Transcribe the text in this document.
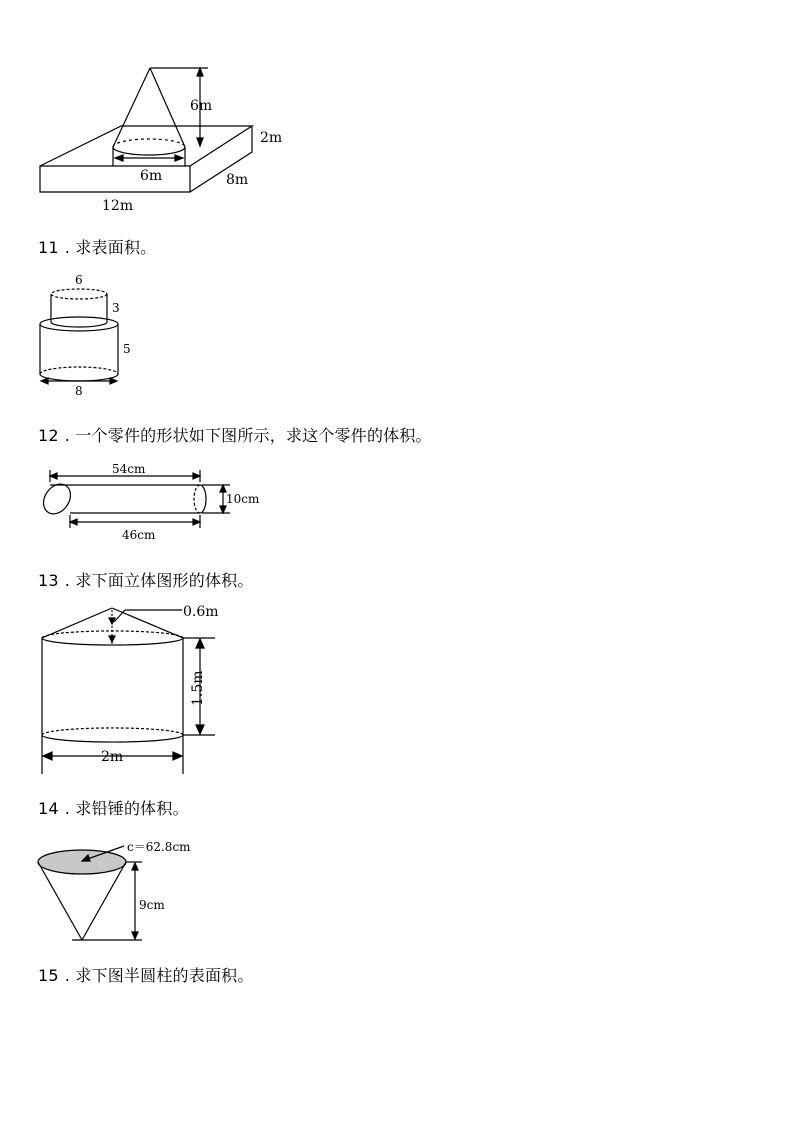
6m
6m
2m
8m
12m
11 . 求表面积。
6
3
5
8
12 . 一个零件的形状如下图所示，求这个零件的体积。
54cm
46cm
10cm
13 . 求下面立体图形的体积。
0.6m
1.5m
2m
14 . 求铅锤的体积。
c＝62.8cm
9cm
15 . 求下图半圆柱的表面积。
